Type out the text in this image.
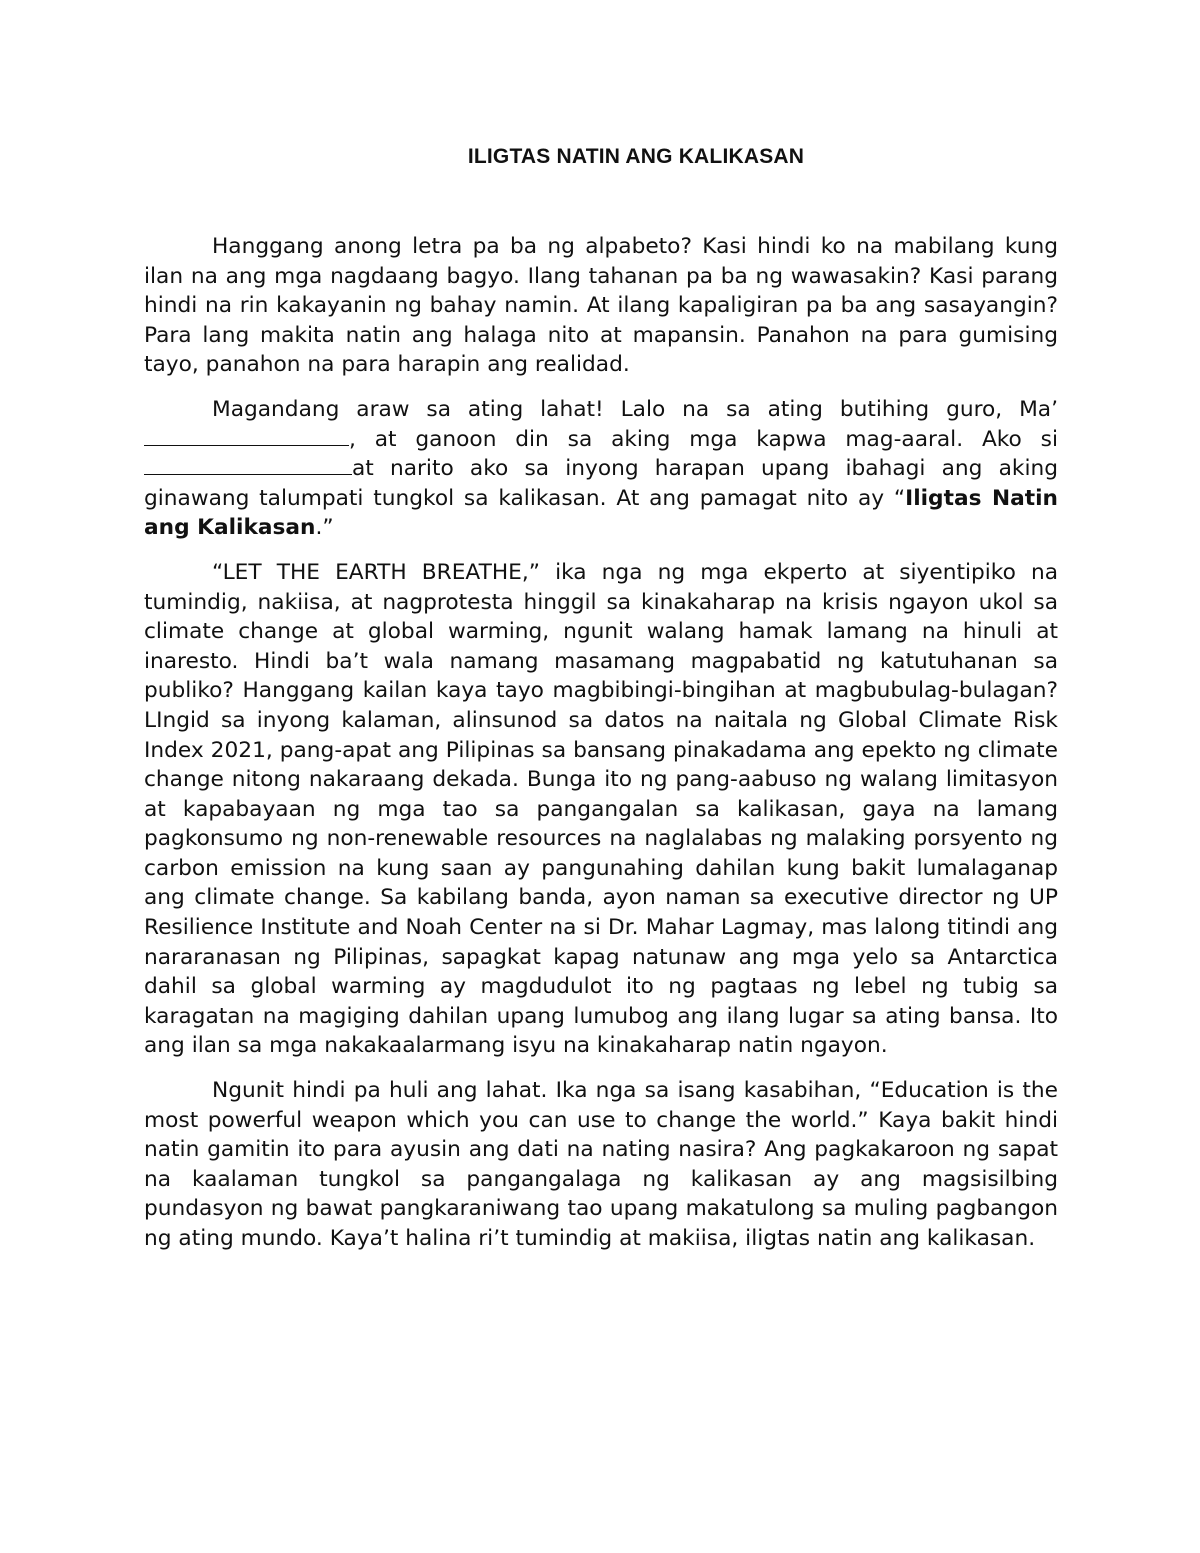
ILIGTAS NATIN ANG KALIKASAN

Hanggang anong letra pa ba ng alpabeto? Kasi hindi ko na mabilang kung ilan na ang mga nagdaang bagyo. Ilang tahanan pa ba ng wawasakin? Kasi parang hindi na rin kakayanin ng bahay namin. At ilang kapaligiran pa ba ang sasayangin? Para lang makita natin ang halaga nito at mapansin. Panahon na para gumising tayo, panahon na para harapin ang realidad.

Magandang araw sa ating lahat! Lalo na sa ating butihing guro, Ma’, at ganoon din sa aking mga kapwa mag-aaral. Ako si at narito ako sa inyong harapan upang ibahagi ang aking ginawang talumpati tungkol sa kalikasan. At ang pamagat nito ay “Iligtas Natin ang Kalikasan.”

“LET THE EARTH BREATHE,” ika nga ng mga ekperto at siyentipiko na tumindig, nakiisa, at nagprotesta hinggil sa kinakaharap na krisis ngayon ukol sa climate change at global warming, ngunit walang hamak lamang na hinuli at inaresto. Hindi ba’t wala namang masamang magpabatid ng katutuhanan sa publiko? Hanggang kailan kaya tayo magbibingi-bingihan at magbubulag-bulagan? LIngid sa inyong kalaman, alinsunod sa datos na naitala ng Global Climate Risk Index 2021, pang-apat ang Pilipinas sa bansang pinakadama ang epekto ng climate change nitong nakaraang dekada. Bunga ito ng pang-aabuso ng walang limitasyon at kapabayaan ng mga tao sa pangangalan sa kalikasan, gaya na lamang pagkonsumo ng non-renewable resources na naglalabas ng malaking porsyento ng carbon emission na kung saan ay pangunahing dahilan kung bakit lumalaganap ang climate change. Sa kabilang banda, ayon naman sa executive director ng UP Resilience Institute and Noah Center na si Dr. Mahar Lagmay, mas lalong titindi ang nararanasan ng Pilipinas, sapagkat kapag natunaw ang mga yelo sa Antarctica dahil sa global warming ay magdudulot ito ng pagtaas ng lebel ng tubig sa karagatan na magiging dahilan upang lumubog ang ilang lugar sa ating bansa. Ito ang ilan sa mga nakakaalarmang isyu na kinakaharap natin ngayon.

Ngunit hindi pa huli ang lahat. Ika nga sa isang kasabihan, “Education is the most powerful weapon which you can use to change the world.” Kaya bakit hindi natin gamitin ito para ayusin ang dati na nating nasira? Ang pagkakaroon ng sapat na kaalaman tungkol sa pangangalaga ng kalikasan ay ang magsisilbing pundasyon ng bawat pangkaraniwang tao upang makatulong sa muling pagbangon ng ating mundo. Kaya’t halina ri’t tumindig at makiisa, iligtas natin ang kalikasan.
